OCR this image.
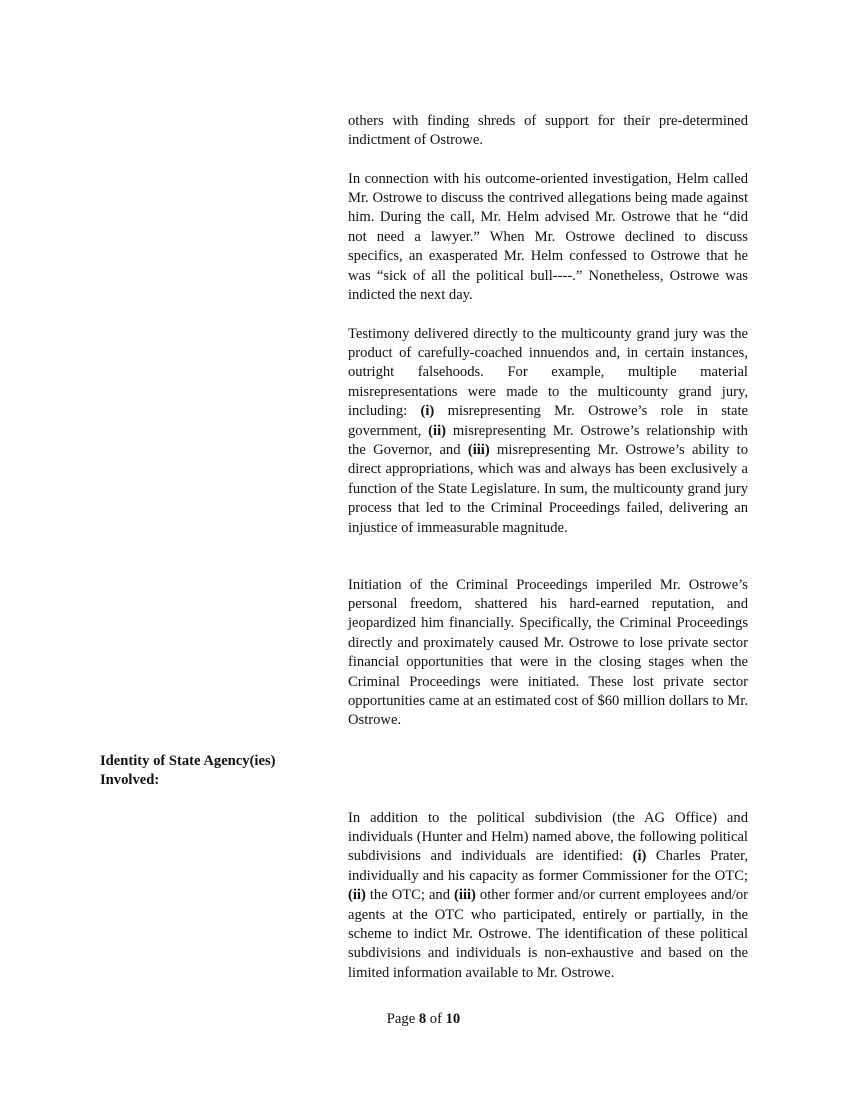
others with finding shreds of support for their pre-determined indictment of Ostrowe.

In connection with his outcome-oriented investigation, Helm called Mr. Ostrowe to discuss the contrived allegations being made against him. During the call, Mr. Helm advised Mr. Ostrowe that he “did not need a lawyer.” When Mr. Ostrowe declined to discuss specifics, an exasperated Mr. Helm confessed to Ostrowe that he was “sick of all the political bull----.” Nonetheless, Ostrowe was indicted the next day.

Testimony delivered directly to the multicounty grand jury was the product of carefully-coached innuendos and, in certain instances, outright falsehoods. For example, multiple material misrepresentations were made to the multicounty grand jury, including: (i) misrepresenting Mr. Ostrowe’s role in state government, (ii) misrepresenting Mr. Ostrowe’s relationship with the Governor, and (iii) misrepresenting Mr. Ostrowe’s ability to direct appropriations, which was and always has been exclusively a function of the State Legislature. In sum, the multicounty grand jury process that led to the Criminal Proceedings failed, delivering an injustice of immeasurable magnitude.

Initiation of the Criminal Proceedings imperiled Mr. Ostrowe’s personal freedom, shattered his hard-earned reputation, and jeopardized him financially. Specifically, the Criminal Proceedings directly and proximately caused Mr. Ostrowe to lose private sector financial opportunities that were in the closing stages when the Criminal Proceedings were initiated. These lost private sector opportunities came at an estimated cost of $60 million dollars to Mr. Ostrowe.

Identity of State Agency(ies)
Involved:

In addition to the political subdivision (the AG Office) and individuals (Hunter and Helm) named above, the following political subdivisions and individuals are identified: (i) Charles Prater, individually and his capacity as former Commissioner for the OTC; (ii) the OTC; and (iii) other former and/or current employees and/or agents at the OTC who participated, entirely or partially, in the scheme to indict Mr. Ostrowe. The identification of these political subdivisions and individuals is non-exhaustive and based on the limited information available to Mr. Ostrowe.

Page 8 of 10
